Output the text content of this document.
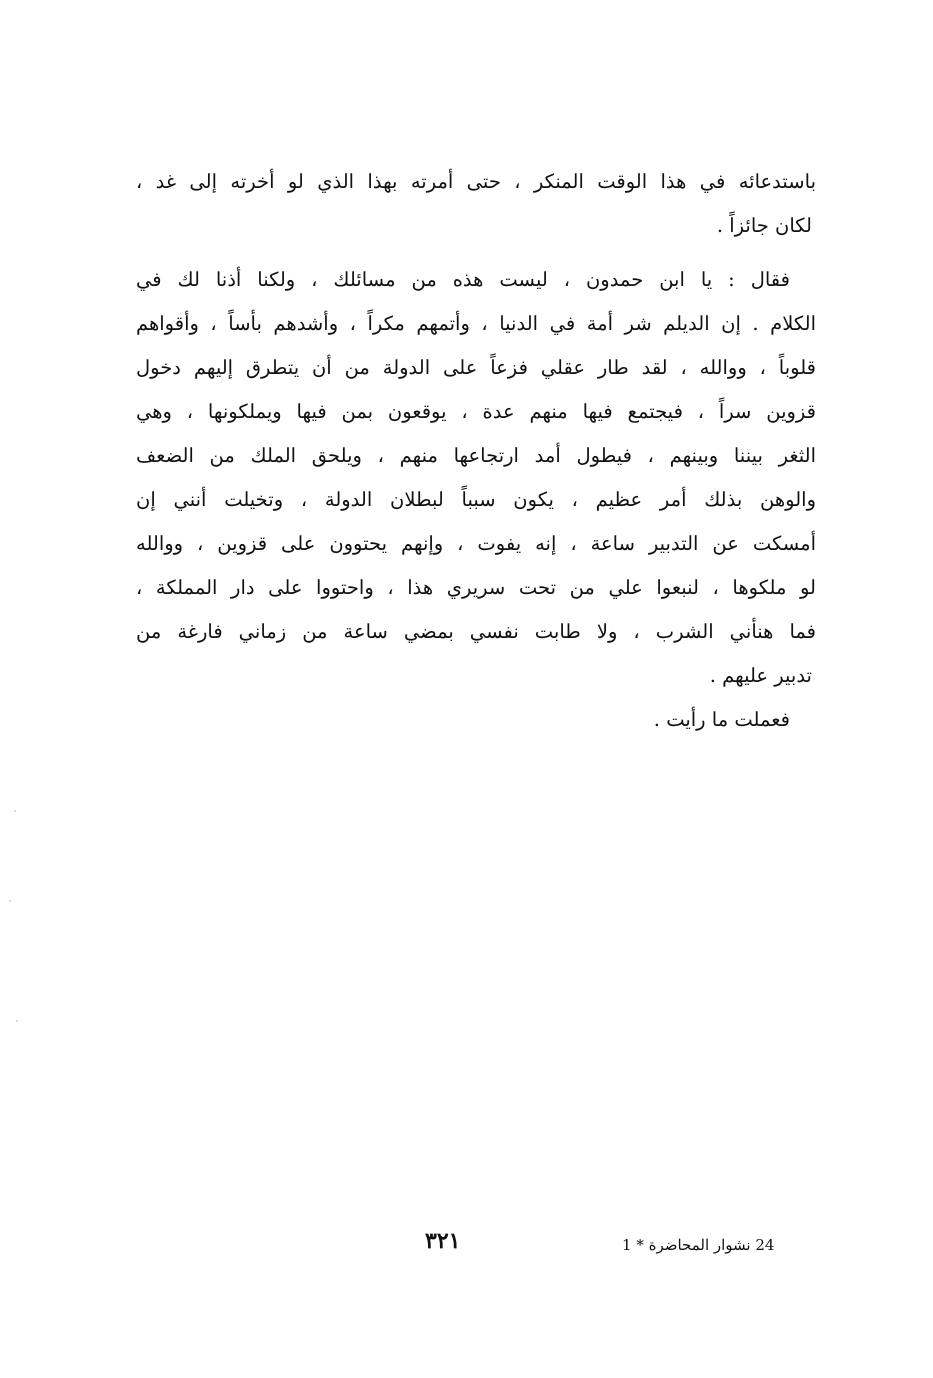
باستدعائه في هذا الوقت المنكر ، حتى أمرته بهذا الذي لو أخرته إلى غد ،
لكان جائزاً .
فقال : يا ابن حمدون ، ليست هذه من مسائلك ، ولكنا أذنا لك في
الكلام . إن الديلم شر أمة في الدنيا ، وأتمهم مكراً ، وأشدهم بأساً ، وأقواهم
قلوباً ، ووالله ، لقد طار عقلي فزعاً على الدولة من أن يتطرق إليهم دخول
قزوين سراً ، فيجتمع فيها منهم عدة ، يوقعون بمن فيها ويملكونها ، وهي
الثغر بيننا وبينهم ، فيطول أمد ارتجاعها منهم ، ويلحق الملك من الضعف
والوهن بذلك أمر عظيم ، يكون سبباً لبطلان الدولة ، وتخيلت أنني إن
أمسكت عن التدبير ساعة ، إنه يفوت ، وإنهم يحتوون على قزوين ، ووالله
لو ملكوها ، لنبعوا علي من تحت سريري هذا ، واحتووا على دار المملكة ،
فما هنأني الشرب ، ولا طابت نفسي بمضي ساعة من زماني فارغة من
تدبير عليهم .
فعملت ما رأيت .
٣٢١	24 نشوار المحاضرة * 1
